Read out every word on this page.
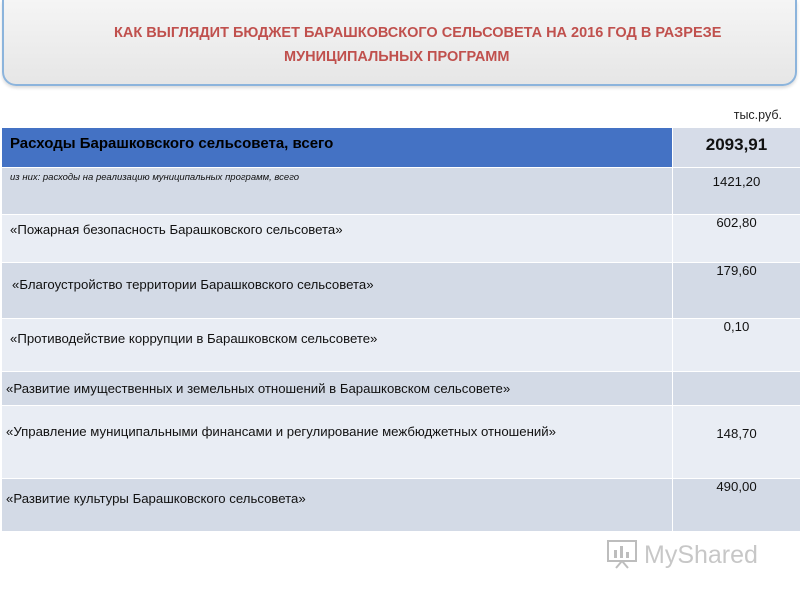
КАК ВЫГЛЯДИТ БЮДЖЕТ БАРАШКОВСКОГО СЕЛЬСОВЕТА НА 2016 ГОД В РАЗРЕЗЕ
МУНИЦИПАЛЬНЫХ ПРОГРАММ
тыс.руб.
Расходы Барашковского сельсовета, всего	2093,91
из них: расходы на реализацию муниципальных программ, всего	1421,20
«Пожарная безопасность Барашковского сельсовета»	602,80
«Благоустройство территории Барашковского сельсовета»	179,60
«Противодействие коррупции в Барашковском сельсовете»	0,10
«Развитие имущественных и земельных отношений в Барашковском сельсовете»	
«Управление муниципальными финансами и регулирование межбюджетных отношений»	148,70
«Развитие культуры Барашковского сельсовета»	490,00
MyShared
